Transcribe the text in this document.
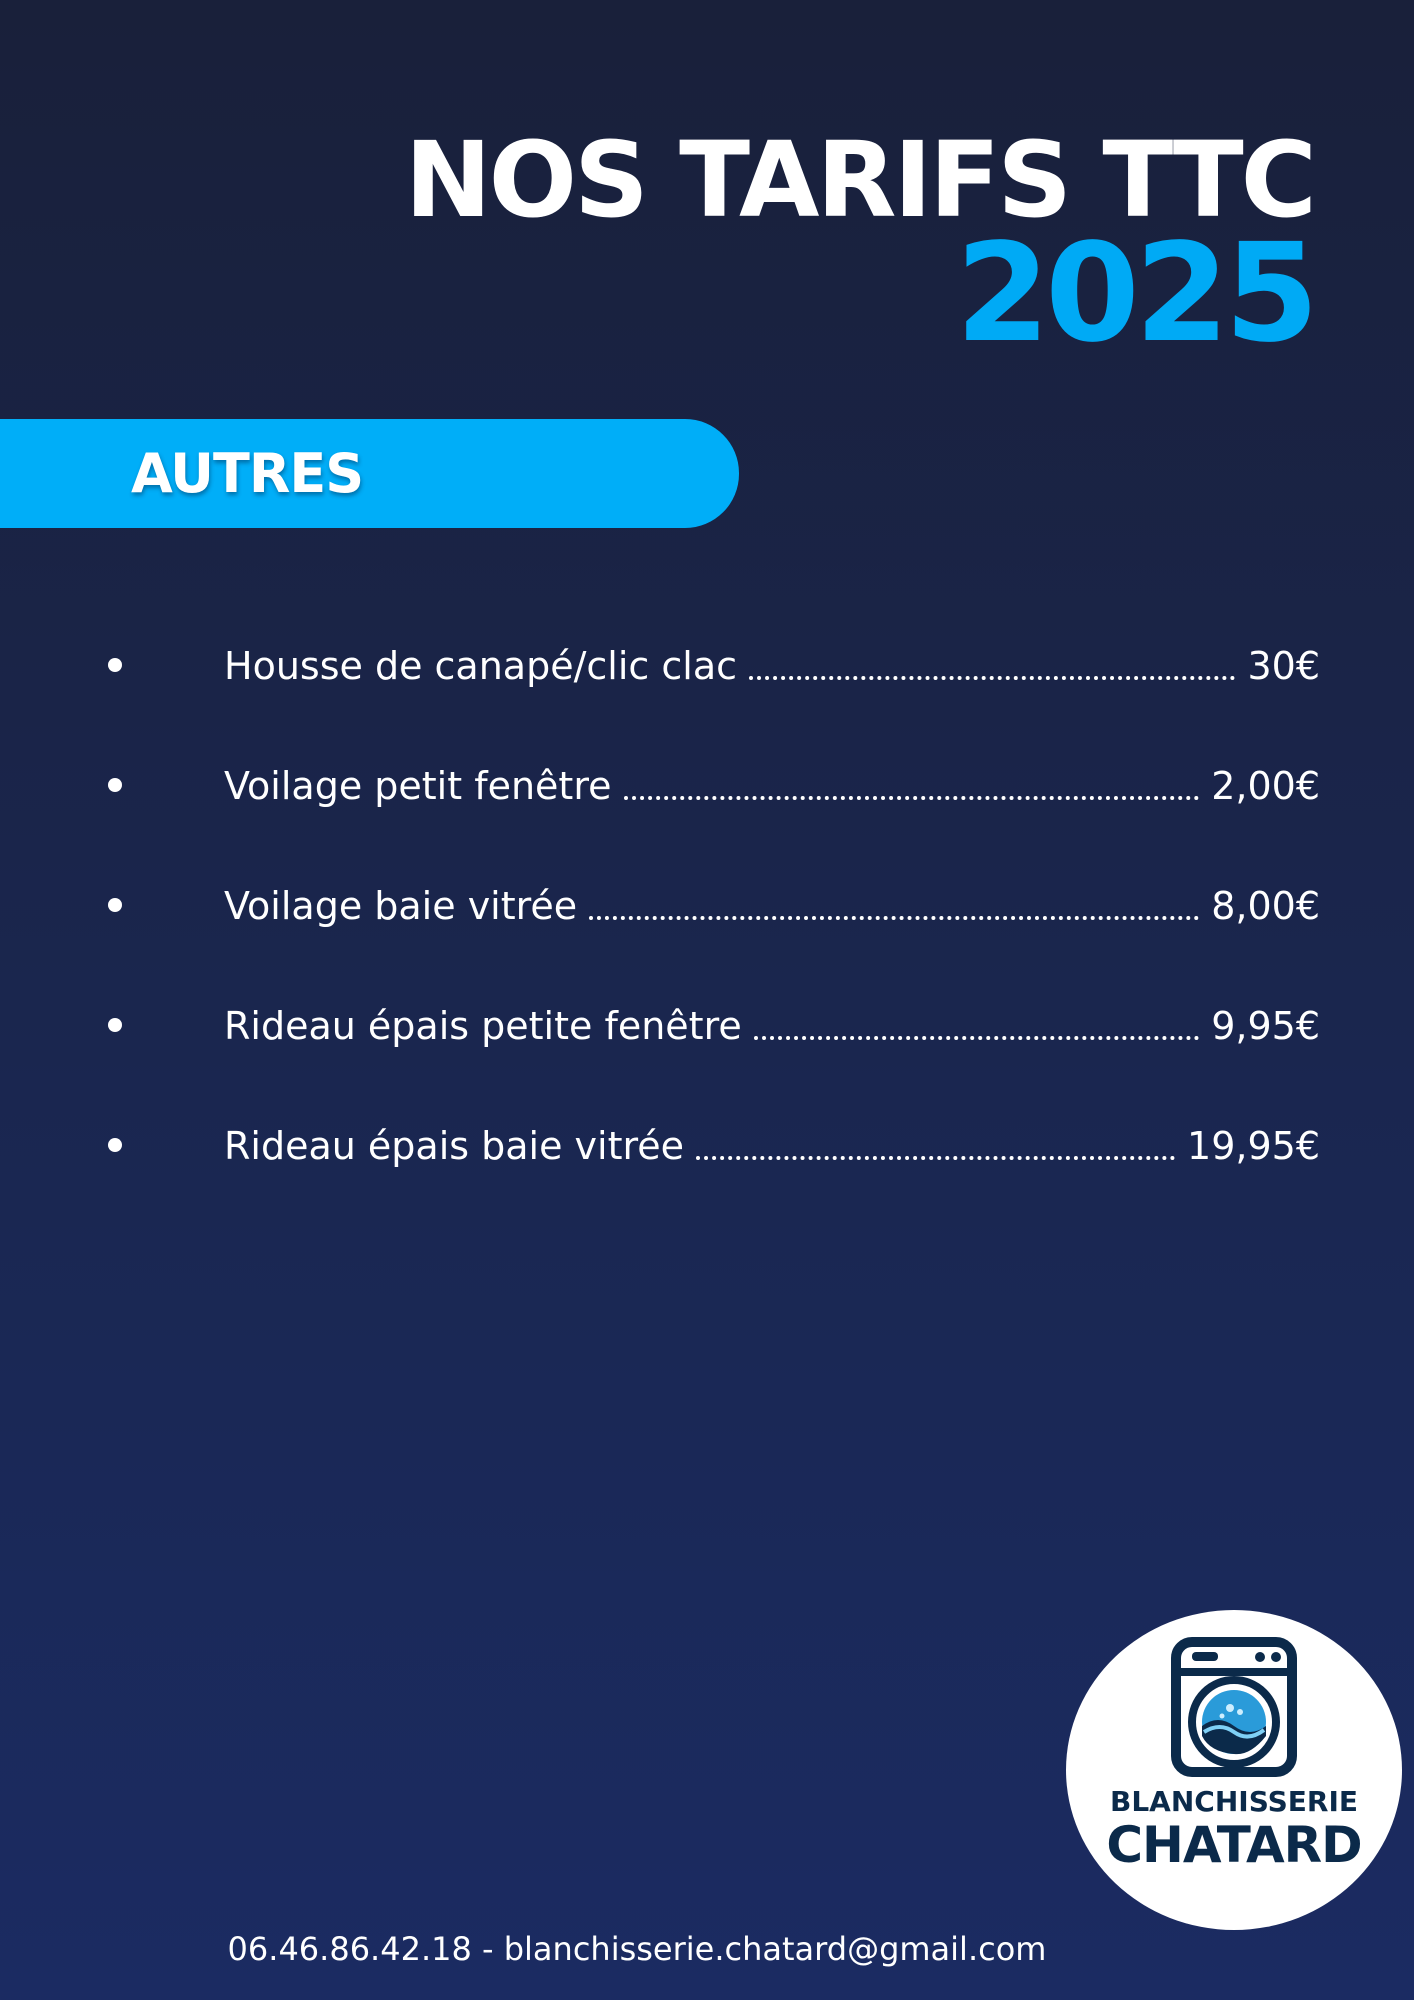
NOS TARIFS TTC
2025
AUTRES
Housse de canapé/clic clac	30€
Voilage petit fenêtre	2,00€
Voilage baie vitrée	8,00€
Rideau épais petite fenêtre	9,95€
Rideau épais baie vitrée	19,95€
BLANCHISSERIE
CHATARD
06.46.86.42.18 - blanchisserie.chatard@gmail.com
